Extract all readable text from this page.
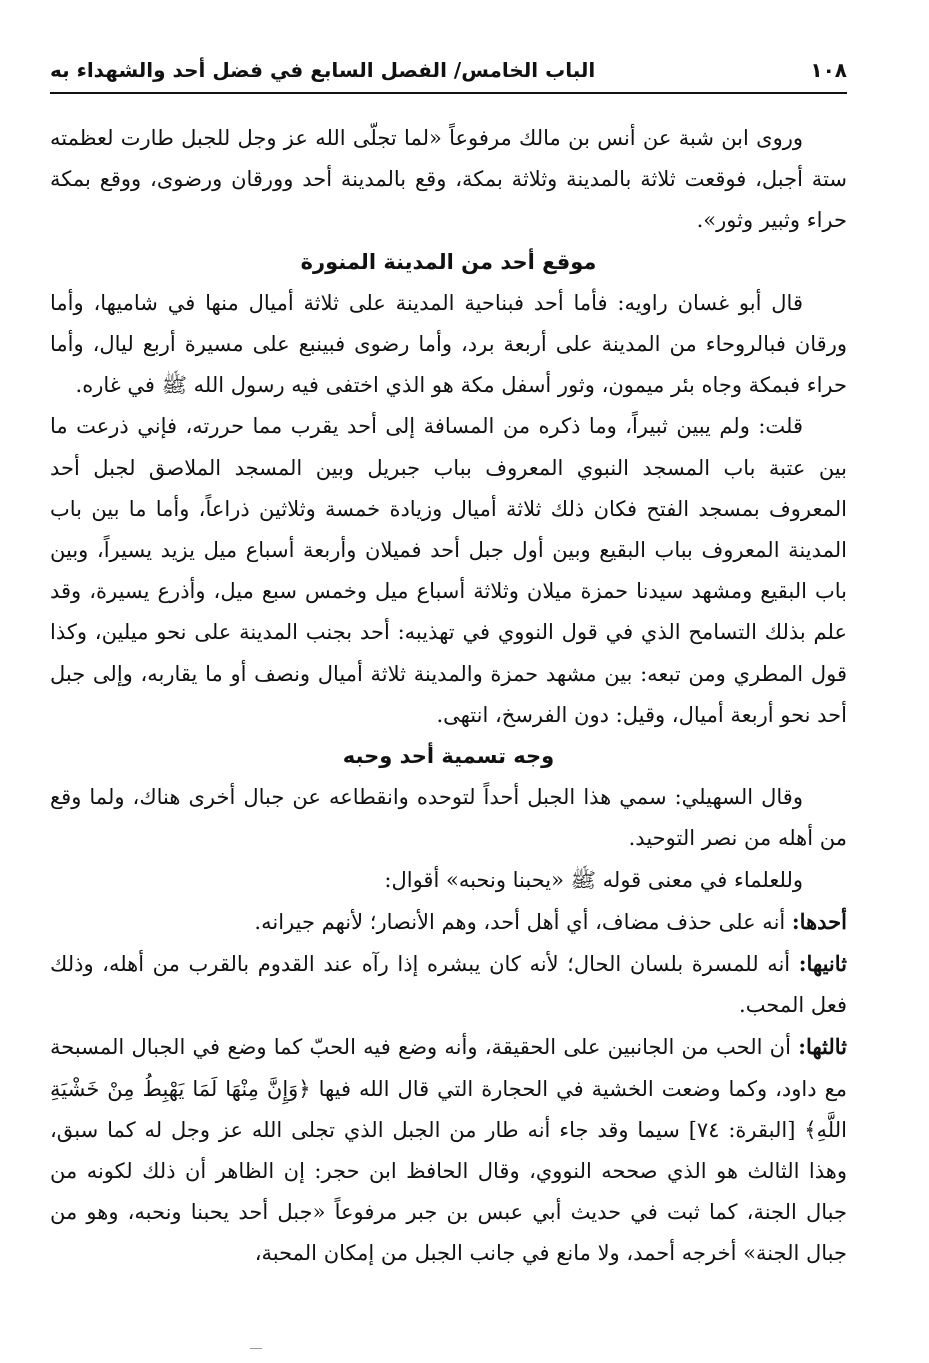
١٠٨
الباب الخامس/ الفصل السابع في فضل أحد والشهداء به

وروى ابن شبة عن أنس بن مالك مرفوعاً «لما تجلّى الله عز وجل للجبل طارت لعظمته ستة أجبل، فوقعت ثلاثة بالمدينة وثلاثة بمكة، وقع بالمدينة أحد وورقان ورضوى، ووقع بمكة حراء وثبير وثور».

موقع أحد من المدينة المنورة

قال أبو غسان راويه: فأما أحد فبناحية المدينة على ثلاثة أميال منها في شاميها، وأما ورقان فبالروحاء من المدينة على أربعة برد، وأما رضوى فبينبع على مسيرة أربع ليال، وأما حراء فبمكة وجاه بئر ميمون، وثور أسفل مكة هو الذي اختفى فيه رسول الله ﷺ في غاره.

قلت: ولم يبين ثبيراً، وما ذكره من المسافة إلى أحد يقرب مما حررته، فإني ذرعت ما بين عتبة باب المسجد النبوي المعروف بباب جبريل وبين المسجد الملاصق لجبل أحد المعروف بمسجد الفتح فكان ذلك ثلاثة أميال وزيادة خمسة وثلاثين ذراعاً، وأما ما بين باب المدينة المعروف بباب البقيع وبين أول جبل أحد فميلان وأربعة أسباع ميل يزيد يسيراً، وبين باب البقيع ومشهد سيدنا حمزة ميلان وثلاثة أسباع ميل وخمس سبع ميل، وأذرع يسيرة، وقد علم بذلك التسامح الذي في قول النووي في تهذيبه: أحد بجنب المدينة على نحو ميلين، وكذا قول المطري ومن تبعه: بين مشهد حمزة والمدينة ثلاثة أميال ونصف أو ما يقاربه، وإلى جبل أحد نحو أربعة أميال، وقيل: دون الفرسخ، انتهى.

وجه تسمية أحد وحبه

وقال السهيلي: سمي هذا الجبل أحداً لتوحده وانقطاعه عن جبال أخرى هناك، ولما وقع من أهله من نصر التوحيد.

وللعلماء في معنى قوله ﷺ «يحبنا ونحبه» أقوال:

أحدها: أنه على حذف مضاف، أي أهل أحد، وهم الأنصار؛ لأنهم جيرانه.

ثانيها: أنه للمسرة بلسان الحال؛ لأنه كان يبشره إذا رآه عند القدوم بالقرب من أهله، وذلك فعل المحب.

ثالثها: أن الحب من الجانبين على الحقيقة، وأنه وضع فيه الحبّ كما وضع في الجبال المسبحة مع داود، وكما وضعت الخشية في الحجارة التي قال الله فيها ﴿وَإِنَّ مِنْهَا لَمَا يَهْبِطُ مِنْ خَشْيَةِ اللَّهِ﴾ [البقرة: ٧٤] سيما وقد جاء أنه طار من الجبل الذي تجلى الله عز وجل له كما سبق، وهذا الثالث هو الذي صححه النووي، وقال الحافظ ابن حجر: إن الظاهر أن ذلك لكونه من جبال الجنة، كما ثبت في حديث أبي عبس بن جبر مرفوعاً «جبل أحد يحبنا ونحبه، وهو من جبال الجنة» أخرجه أحمد، ولا مانع في جانب الجبل من إمكان المحبة،
